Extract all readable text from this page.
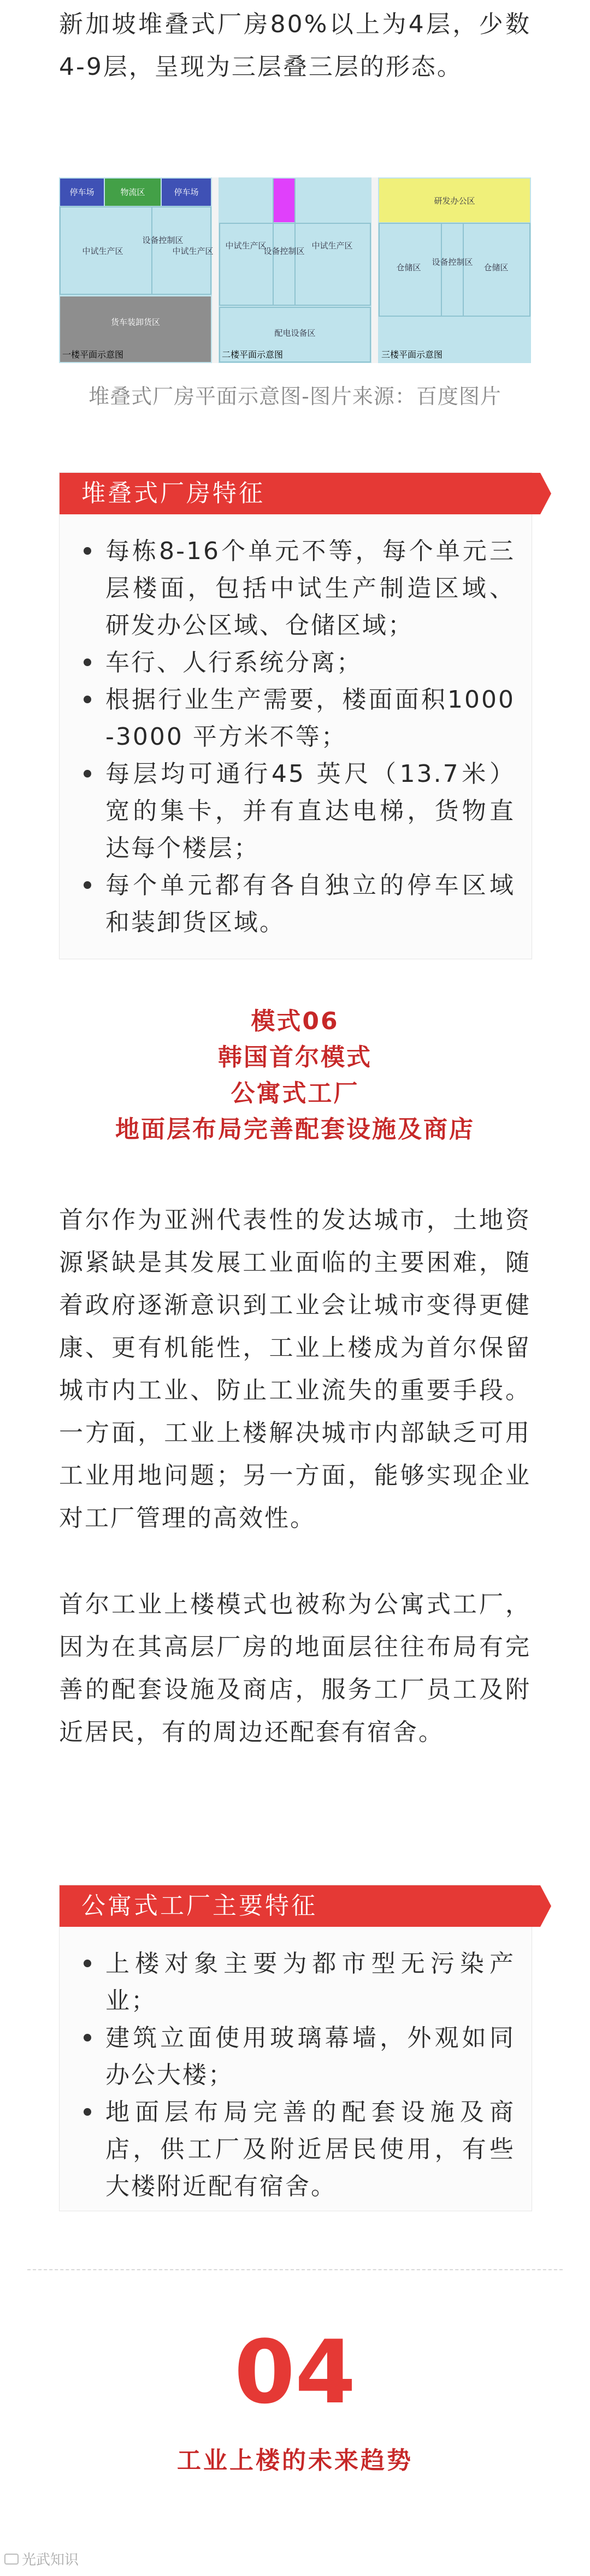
新加坡堆叠式厂房80%以上为4层，少数4-9层，呈现为三层叠三层的形态。

停车场	物流区	停车场
中试生产区
设备控制区
中试生产区
货车装卸货区
一楼平面示意图
中试生产区
设备控制区
中试生产区
配电设备区
二楼平面示意图
研发办公区
仓储区
设备控制区
仓储区
三楼平面示意图
堆叠式厂房平面示意图-图片来源：百度图片
堆叠式厂房特征
每栋8-16个单元不等，每个单元三层楼面，包括中试生产制造区域、研发办公区域、仓储区域；
车行、人行系统分离；
根据行业生产需要，楼面面积1000 -3000 平方米不等；
每层均可通行45 英尺（13.7米）宽的集卡，并有直达电梯，货物直达每个楼层；
每个单元都有各自独立的停车区域和装卸货区域。
模式06
韩国首尔模式
公寓式工厂
地面层布局完善配套设施及商店

首尔作为亚洲代表性的发达城市，土地资源紧缺是其发展工业面临的主要困难，随着政府逐渐意识到工业会让城市变得更健康、更有机能性，工业上楼成为首尔保留城市内工业、防止工业流失的重要手段。一方面，工业上楼解决城市内部缺乏可用工业用地问题；另一方面，能够实现企业对工厂管理的高效性。

首尔工业上楼模式也被称为公寓式工厂，因为在其高层厂房的地面层往往布局有完善的配套设施及商店，服务工厂员工及附近居民，有的周边还配套有宿舍。

公寓式工厂主要特征
上楼对象主要为都市型无污染产业；
建筑立面使用玻璃幕墙，外观如同办公大楼；
地面层布局完善的配套设施及商店，供工厂及附近居民使用，有些大楼附近配有宿舍。
04
工业上楼的未来趋势
光武知识
